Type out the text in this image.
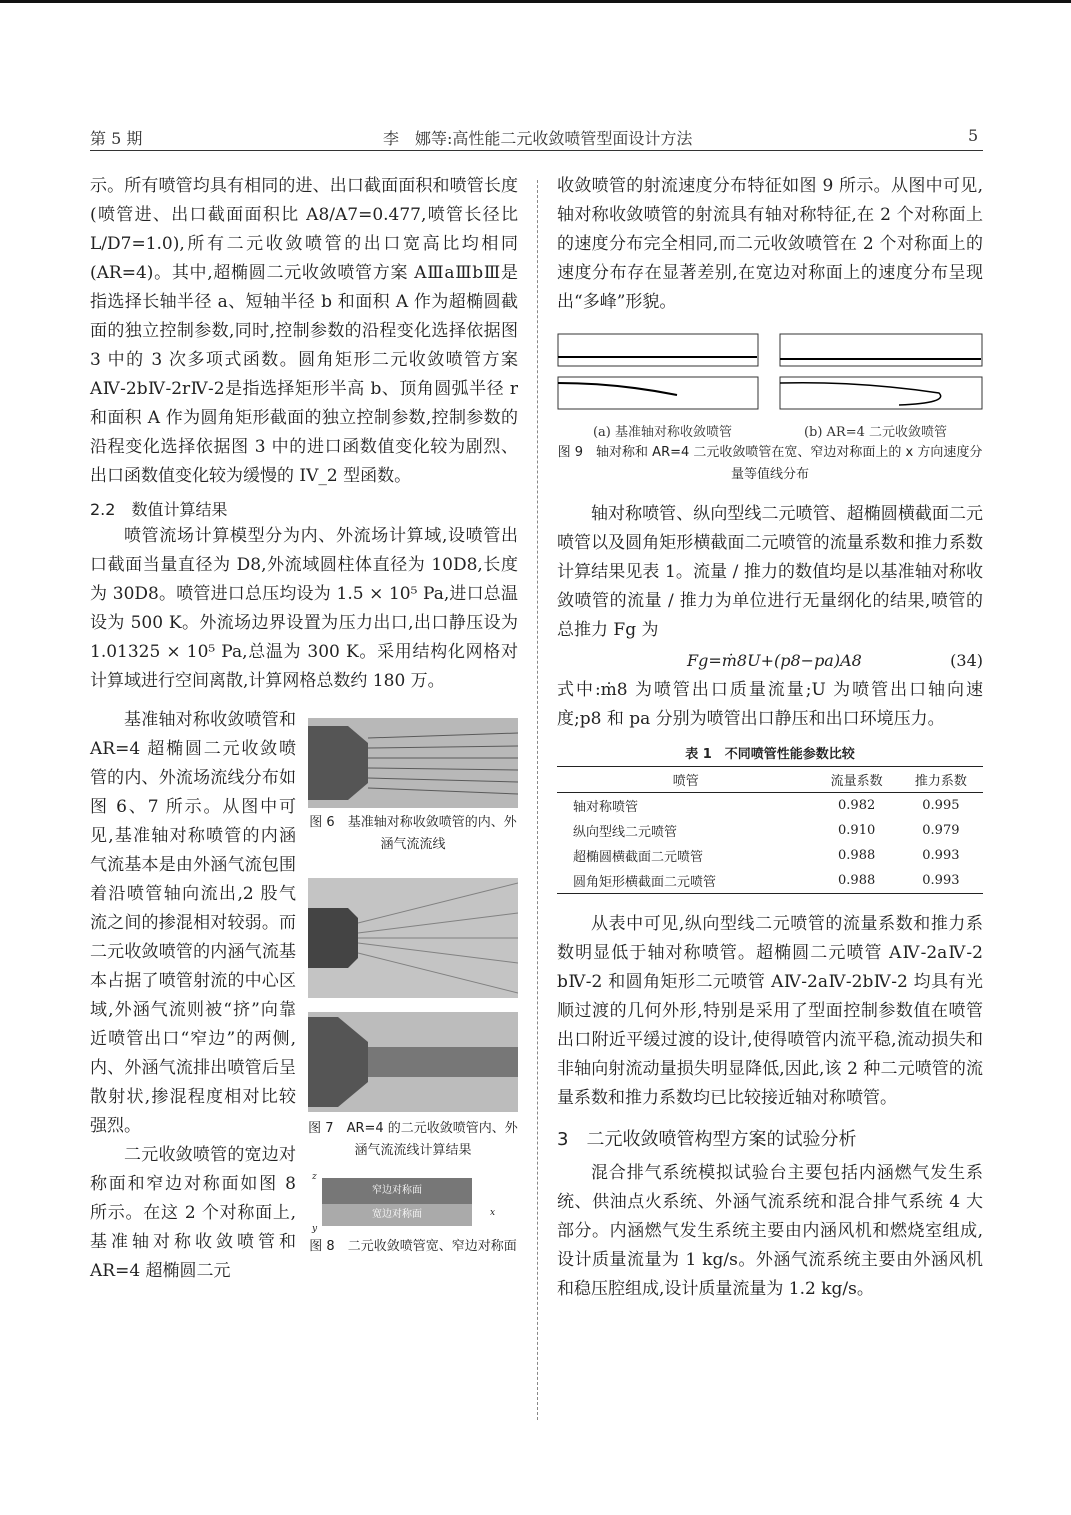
第 5 期	李　娜等:高性能二元收敛喷管型面设计方法	5

示。所有喷管均具有相同的进、出口截面面积和喷管长度(喷管进、出口截面面积比 A8/A7=0.477,喷管长径比 L/D7=1.0),所有二元收敛喷管的出口宽高比均相同(AR=4)。其中,超椭圆二元收敛喷管方案 AⅢaⅢbⅢ是指选择长轴半径 a、短轴半径 b 和面积 A 作为超椭圆截面的独立控制参数,同时,控制参数的沿程变化选择依据图 3 中的 3 次多项式函数。圆角矩形二元收敛喷管方案 AⅣ-2bⅣ-2rⅣ-2是指选择矩形半高 b、顶角圆弧半径 r 和面积 A 作为圆角矩形截面的独立控制参数,控制参数的沿程变化选择依据图 3 中的进口函数值变化较为剧烈、出口函数值变化较为缓慢的 IV_2 型函数。

2.2　数值计算结果

喷管流场计算模型分为内、外流场计算域,设喷管出口截面当量直径为 D8,外流域圆柱体直径为 10D8,长度为 30D8。喷管进口总压均设为 1.5 × 10⁵ Pa,进口总温设为 500 K。外流场边界设置为压力出口,出口静压设为 1.01325 × 10⁵ Pa,总温为 300 K。采用结构化网格对计算域进行空间离散,计算网格总数约 180 万。

基准轴对称收敛喷管和 AR=4 超椭圆二元收敛喷管的内、外流场流线分布如图 6、7 所示。从图中可见,基准轴对称喷管的内涵气流基本是由外涵气流包围着沿喷管轴向流出,2 股气流之间的掺混相对较弱。而二元收敛喷管的内涵气流基本占据了喷管射流的中心区域,外涵气流则被“挤”向靠近喷管出口“窄边”的两侧,内、外涵气流排出喷管后呈散射状,掺混程度相对比较强烈。

二元收敛喷管的宽边对称面和窄边对称面如图 8 所示。在这 2 个对称面上,基准轴对称收敛喷管和 AR=4 超椭圆二元

图 6　基准轴对称收敛喷管的内、外涵气流流线
图 7　AR=4 的二元收敛喷管内、外涵气流流线计算结果
窄边对称面
宽边对称面
z
y
x
图 8　二元收敛喷管宽、窄边对称面

收敛喷管的射流速度分布特征如图 9 所示。从图中可见,轴对称收敛喷管的射流具有轴对称特征,在 2 个对称面上的速度分布完全相同,而二元收敛喷管在 2 个对称面上的速度分布存在显著差别,在宽边对称面上的速度分布呈现出“多峰”形貌。

(a) 基准轴对称收敛喷管	(b) AR=4 二元收敛喷管
图 9　轴对称和 AR=4 二元收敛喷管在宽、窄边对称面上的 x 方向速度分量等值线分布

轴对称喷管、纵向型线二元喷管、超椭圆横截面二元喷管以及圆角矩形横截面二元喷管的流量系数和推力系数计算结果见表 1。流量 / 推力的数值均是以基准轴对称收敛喷管的流量 / 推力为单位进行无量纲化的结果,喷管的总推力 Fg 为

Fg=ṁ8U+(p8−pa)A8	(34)

式中:ṁ8 为喷管出口质量流量;U 为喷管出口轴向速度;p8 和 pa 分别为喷管出口静压和出口环境压力。

表 1　不同喷管性能参数比较
喷管	流量系数	推力系数
轴对称喷管	0.982	0.995
纵向型线二元喷管	0.910	0.979
超椭圆横截面二元喷管	0.988	0.993
圆角矩形横截面二元喷管	0.988	0.993

从表中可见,纵向型线二元喷管的流量系数和推力系数明显低于轴对称喷管。超椭圆二元喷管 AⅣ-2aⅣ-2 bⅣ-2 和圆角矩形二元喷管 AⅣ-2aⅣ-2bⅣ-2 均具有光顺过渡的几何外形,特别是采用了型面控制参数值在喷管出口附近平缓过渡的设计,使得喷管内流平稳,流动损失和非轴向射流动量损失明显降低,因此,该 2 种二元喷管的流量系数和推力系数均已比较接近轴对称喷管。

3　二元收敛喷管构型方案的试验分析

混合排气系统模拟试验台主要包括内涵燃气发生系统、供油点火系统、外涵气流系统和混合排气系统 4 大部分。内涵燃气发生系统主要由内涵风机和燃烧室组成,设计质量流量为 1 kg/s。外涵气流系统主要由外涵风机和稳压腔组成,设计质量流量为 1.2 kg/s。
